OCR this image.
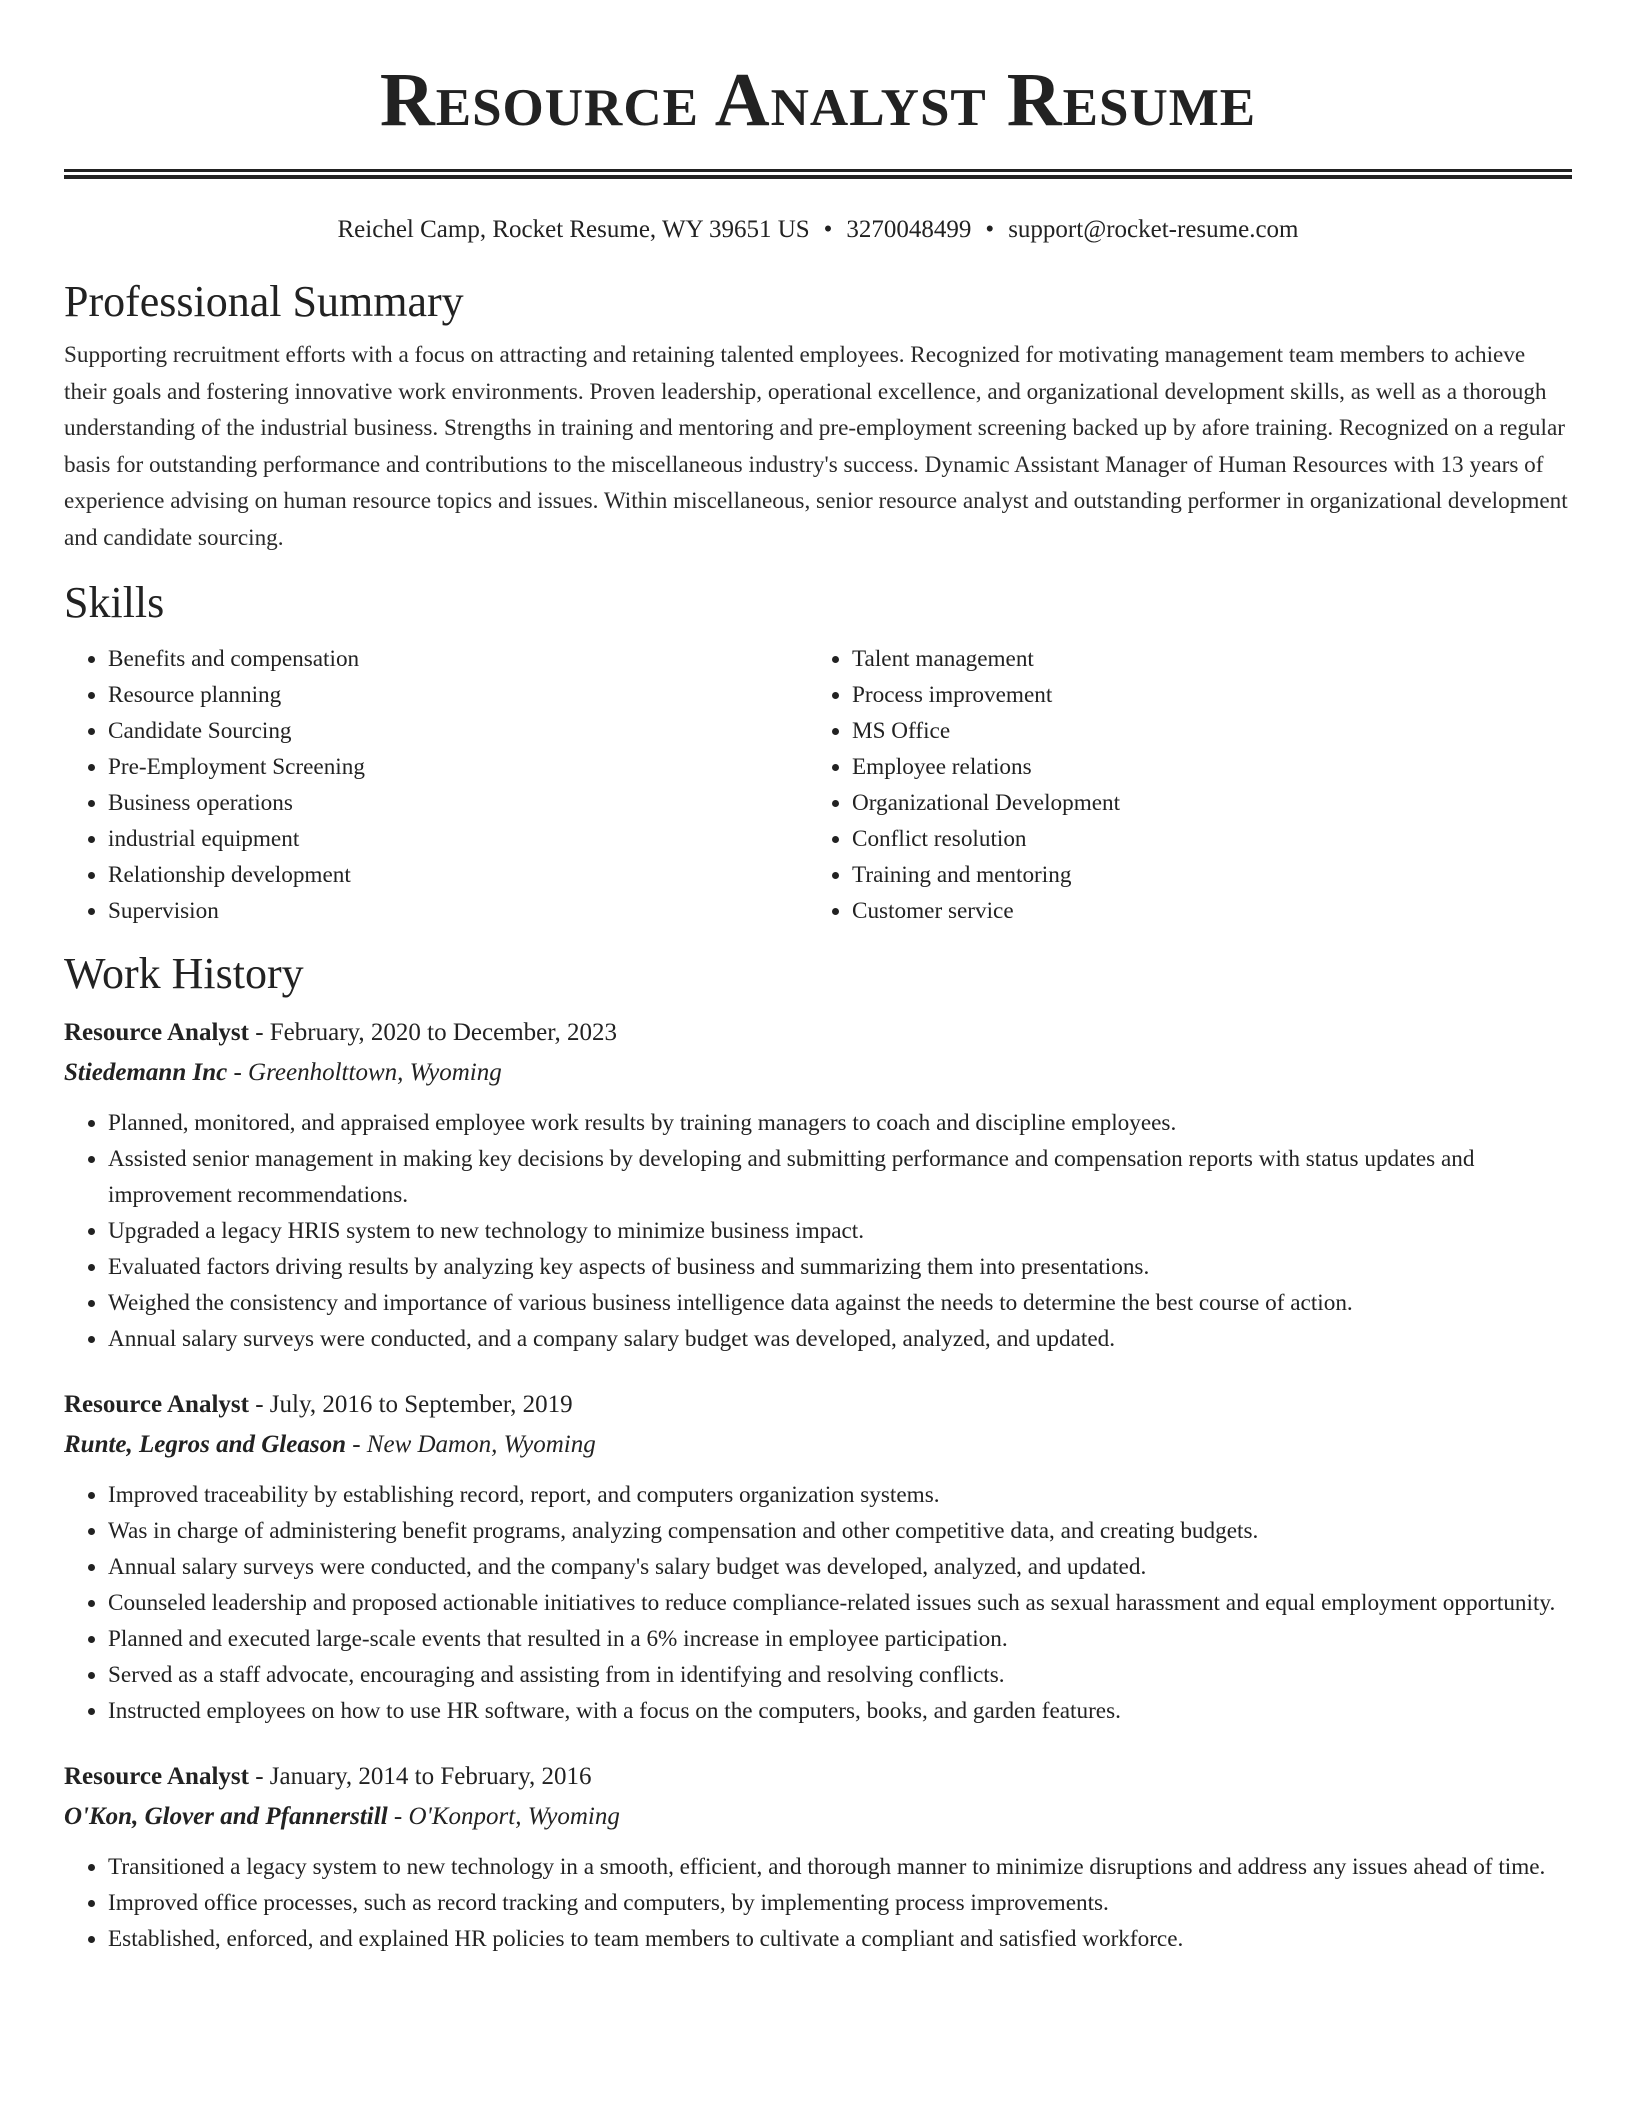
Resource Analyst Resume
Reichel Camp, Rocket Resume, WY 39651 US • 3270048499 • support@rocket-resume.com
Professional Summary

Supporting recruitment efforts with a focus on attracting and retaining talented employees. Recognized for motivating management team members to achieve their goals and fostering innovative work environments. Proven leadership, operational excellence, and organizational development skills, as well as a thorough understanding of the industrial business. Strengths in training and mentoring and pre-employment screening backed up by afore training. Recognized on a regular basis for outstanding performance and contributions to the miscellaneous industry's success. Dynamic Assistant Manager of Human Resources with 13 years of experience advising on human resource topics and issues. Within miscellaneous, senior resource analyst and outstanding performer in organizational development and candidate sourcing.

Skills
• Benefits and compensation
• Resource planning
• Candidate Sourcing
• Pre-Employment Screening
• Business operations
• industrial equipment
• Relationship development
• Supervision
• Talent management
• Process improvement
• MS Office
• Employee relations
• Organizational Development
• Conflict resolution
• Training and mentoring
• Customer service
Work History
Resource Analyst - February, 2020 to December, 2023
Stiedemann Inc - Greenholttown, Wyoming
• Planned, monitored, and appraised employee work results by training managers to coach and discipline employees.
• Assisted senior management in making key decisions by developing and submitting performance and compensation reports with status updates and improvement recommendations.
• Upgraded a legacy HRIS system to new technology to minimize business impact.
• Evaluated factors driving results by analyzing key aspects of business and summarizing them into presentations.
• Weighed the consistency and importance of various business intelligence data against the needs to determine the best course of action.
• Annual salary surveys were conducted, and a company salary budget was developed, analyzed, and updated.
Resource Analyst - July, 2016 to September, 2019
Runte, Legros and Gleason - New Damon, Wyoming
• Improved traceability by establishing record, report, and computers organization systems.
• Was in charge of administering benefit programs, analyzing compensation and other competitive data, and creating budgets.
• Annual salary surveys were conducted, and the company's salary budget was developed, analyzed, and updated.
• Counseled leadership and proposed actionable initiatives to reduce compliance-related issues such as sexual harassment and equal employment opportunity.
• Planned and executed large-scale events that resulted in a 6% increase in employee participation.
• Served as a staff advocate, encouraging and assisting from in identifying and resolving conflicts.
• Instructed employees on how to use HR software, with a focus on the computers, books, and garden features.
Resource Analyst - January, 2014 to February, 2016
O'Kon, Glover and Pfannerstill - O'Konport, Wyoming
• Transitioned a legacy system to new technology in a smooth, efficient, and thorough manner to minimize disruptions and address any issues ahead of time.
• Improved office processes, such as record tracking and computers, by implementing process improvements.
• Established, enforced, and explained HR policies to team members to cultivate a compliant and satisfied workforce.
